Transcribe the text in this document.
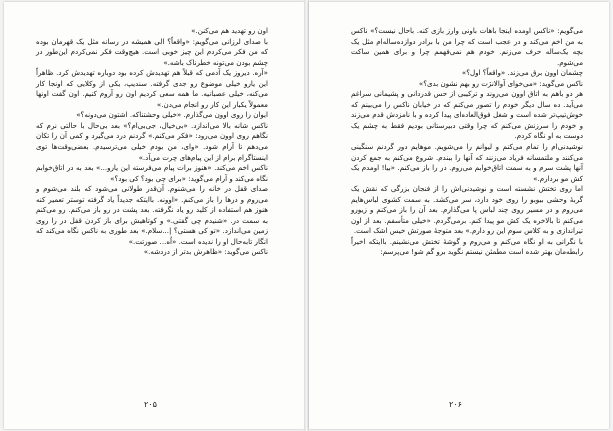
اون رو تهدید هم می‌کنن.»

با صدای لرزانی می‌گویم: «واقعاً؟ الی همیشه در رسانه مثل یک قهرمان بوده که من فکر می‌کردم این چیز خوبی است. هیچ‌وقت فکر نمی‌کردم این‌طور در چشم بودن می‌تونه خطرناک باشه.»

«آره. دیروز یک آدمی که قبلاً هم تهدیدش کرده بود دوباره تهدیدش کرد. ظاهراً این یارو خیلی موضوع رو جدی گرفته. سندیپ، یکی از وکلایی که اونجا کار می‌کنه، خیلی عصبانیه. ما همه سعی کردیم اون رو آروم کنیم. اون گفت اونها معمولاً یکبار این کار رو انجام می‌دن.»

ایوان را روی اوون می‌گذارم. «خیلی وحشتناکه. اشتون می‌دونه؟»

ناکس شانه بالا می‌اندازد. «بی‌خیال، جی‌بی‌ام؟» بعد بی‌حال با حالتی نرم که نگاهم روی اوون می‌رود: «فکر می‌کنم.» گردنم درد می‌گیرد و کمی آن را تکان می‌دهم تا آرام شود. «وای، من بودم خیلی می‌ترسیدم. بعضی‌وقت‌ها توی اینستاگرام برام از این پیام‌های چرت می‌آد.»

ناکس اخم می‌کند. «هنوز برات پیام می‌فرسته این یارو...» بعد به در اتاق‌خوابم نگاه می‌کند و آرام می‌گوید: «برای چی بود؟ کی بود؟»

صدای قفل در خانه را می‌شنوم. آن‌قدر طولانی می‌شود که بلند می‌شوم و می‌روم و درها را باز می‌کنم. «اوونه. باایتکه جدیداً یاد گرفته توستر تعمیر کنه هنوز هم استفاده از کلید رو یاد نگرفته. بعد پشت در رو باز می‌کنم. رو می‌کنم به سمت در. «شنیدم چی گفتی.» و کوتاهیش برای باز کردن قفل در را روی زمین می‌اندازد. «تو کی هستی؟ |...سلام.» بعد طوری به ناکس نگاه می‌کند که انگار تا‌به‌حال او را ندیده است. «اُه... صورتت.»

ناکس می‌گوید: «ظاهرش بدتر از دردشه.»

۲۰۵

می‌گویم: «ناکس اومده اینجا باهات باونی وارز بازی کنه. باحال نیست؟» ناکس به من اخم می‌کند و در عجب است که چرا من با برادر دوازده‌ساله‌ام مثل یک بچه یک‌ساله حرف می‌زنم. خودم هم نمی‌فهمم چرا و برای همین ساکت می‌شوم.

چشمان اوون برق می‌زند. «واقعاً؟ اول؟»

ناکس می‌گوید: «می‌خوای آوالانژت رو بهم نشون بدی؟»

هر دو باهم به اتاق اوون می‌روند و ترکیبی از حس قدردانی و پشیمانی سراغم می‌آید. ده سال دیگر خودم را تصور می‌کنم که در خیابان ناکس را می‌بینم که خوش‌تیپ‌تر شده است و شغل فوق‌العاده‌ای پیدا کرده و با نامزدش قدم می‌زند و خودم را سرزنش می‌کنم که چرا وقتی دبیرستانی بودیم فقط به چشم یک دوست به او نگاه کردم.

نوشیدنی‌ام را تمام می‌کنم و لیوانم را می‌شویم. موهایم دور گردنم سنگینی می‌کنند و ملتمسانه فریاد می‌زنند که آنها را ببندم. شروع می‌کنم به جمع کردن آنها پشت سرم و به سمت اتاق‌خوابم می‌روم. در را باز می‌کنم. «بیا! اومدم یک کش مو بردارم.»

اما روی تختش نشسته است و نوشیدنی‌اش را از فنجان بزرگی که نقش یک گربهٔ وحشی بیوبو را روی خود دارد، سر می‌کشد. به سمت کشوی لباس‌هایم می‌روم و در مسیر روی چند لباس پا می‌گذارم. بعد آن را باز می‌کنم و زیورو می‌کنم تا بالاخره یک کش مو پیدا کنم. برمی‌گردم. «خیلی متأسفم. بعد از اون تیراندازی و به کلاس سوم این رو دارم.» بعد متوجهٔ صورتش خیس اشک است.

با نگرانی به او نگاه می‌کنم و می‌روم و گوشهٔ تختش می‌نشینم. باایتکه اخیراً رابطه‌مان بهتر شده است مطمئن نیستم نگوید برو گم شو! می‌پرسم:

۲۰۶
